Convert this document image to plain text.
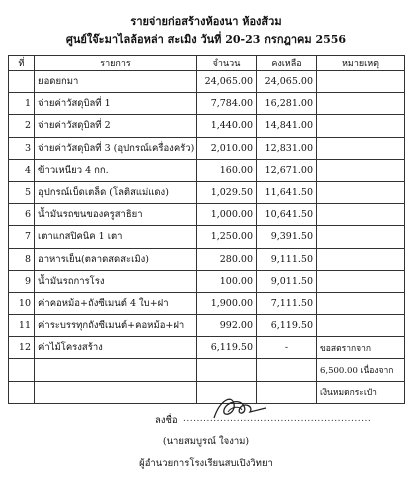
รายจ่ายก่อสร้างห้องนา ห้องส้วม
ศูนย์ใจ๊ะมาไลล้อหล่า สะเมิง วันที่ 20-23 กรกฎาคม 2556
ที่	รายการ	จำนวน	คงเหลือ	หมายเหตุ
	ยอดยกมา	24,065.00	24,065.00	
1	จ่ายค่าวัสดุบิลที่ 1	7,784.00	16,281.00	
2	จ่ายค่าวัสดุบิลที่ 2	1,440.00	14,841.00	
3	จ่ายค่าวัสดุบิลที่ 3 (อุปกรณ์เครื่องครัว)	2,010.00	12,831.00	
4	ข้าวเหนียว 4 กก.	160.00	12,671.00	
5	อุปกรณ์เบ็ดเตล็ด (โลติสแม่แดง)	1,029.50	11,641.50	
6	น้ำมันรถขนของครูสาธิยา	1,000.00	10,641.50	
7	เตาแกสปิคนิค 1 เตา	1,250.00	9,391.50	
8	อาหารเย็น(ตลาดสดสะเมิง)	280.00	9,111.50	
9	น้ำมันรถการโรง	100.00	9,011.50	
10	ค่าคอหม้อ+ถังซีเมนต์ 4 ใบ+ฝา	1,900.00	7,111.50	
11	ค่าระบรรทุกถังซีเมนต์+คอหม้อ+ฝา	992.00	6,119.50	
12	ค่าไม้โครงสร้าง	6,119.50	-	ขอสตรากจาก
				6,500.00 เนื่องจาก
				เงินหมดกระเป๋า
ลงชื่อ ........................................................
(นายสมบูรณ์ ใจงาม)
ผู้อำนวยการโรงเรียนสบเปิงวิทยา
